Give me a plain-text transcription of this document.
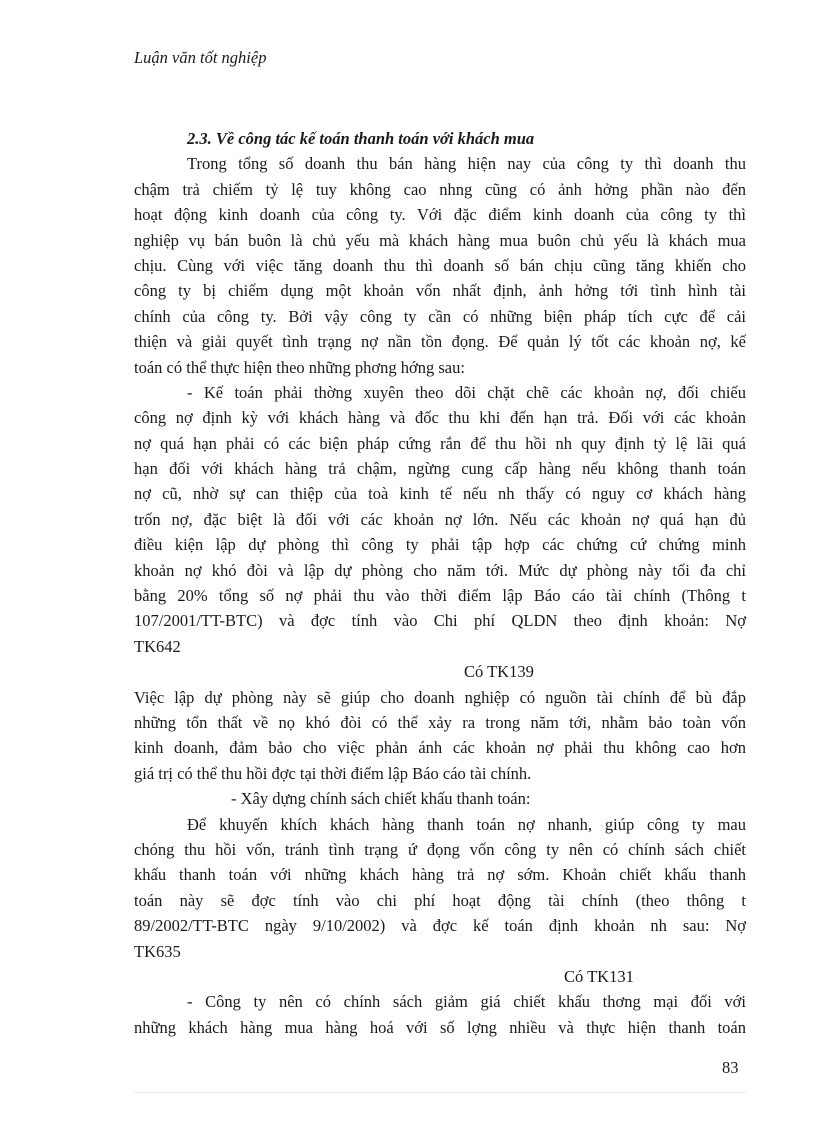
Luận văn tốt nghiệp
2.3. Về công tác kế toán thanh toán với khách mua
Trong tổng số doanh thu bán hàng hiện nay của công ty thì doanh thu
chậm trả chiếm tỷ lệ tuy không cao nhng cũng có ảnh hởng phần nào đến
hoạt động kinh doanh của công ty. Với đặc điểm kinh doanh của công ty thì
nghiệp vụ bán buôn là chủ yếu mà khách hàng mua buôn chủ yếu là khách mua
chịu. Cùng với việc tăng doanh thu thì doanh số bán chịu cũng tăng khiến cho
công ty bị chiếm dụng một khoản vốn nhất định, ảnh hởng tới tình hình tài
chính của công ty. Bởi vậy công ty cần có những biện pháp tích cực để cải
thiện và giải quyết tình trạng nợ nần tồn đọng. Để quản lý tốt các khoản nợ, kế
toán có thể thực hiện theo những phơng hớng sau:
- Kế toán phải thờng xuyên theo dõi chặt chẽ các khoản nợ, đối chiếu
công nợ định kỳ với khách hàng và đốc thu khi đến hạn trả. Đối với các khoản
nợ quá hạn phải có các biện pháp cứng rắn để thu hồi nh quy định tỷ lệ lãi quá
hạn đối với khách hàng trả chậm, ngừng cung cấp hàng nếu không thanh toán
nợ cũ, nhờ sự can thiệp của toà kinh tế nếu nh thấy có nguy cơ khách hàng
trốn nợ, đặc biệt là đối với các khoản nợ lớn. Nếu các khoản nợ quá hạn đủ
điều kiện lập dự phòng thì công ty phải tập hợp các chứng cứ chứng minh
khoản nợ khó đòi và lập dự phòng cho năm tới. Mức dự phòng này tối đa chỉ
bằng 20% tổng số nợ phải thu vào thời điểm lập Báo cáo tài chính (Thông t
107/2001/TT-BTC) và đợc tính vào Chi phí QLDN theo định khoản: Nợ
TK642
Có TK139
Việc lập dự phòng này sẽ giúp cho doanh nghiệp có nguồn tài chính để bù đắp
những tổn thất về nọ khó đòi có thể xảy ra trong năm tới, nhằm bảo toàn vốn
kinh doanh, đảm bảo cho việc phản ánh các khoản nợ phải thu không cao hơn
giá trị có thể thu hồi đợc tại thời điểm lập Báo cáo tài chính.
- Xây dựng chính sách chiết khấu thanh toán:
Để khuyến khích khách hàng thanh toán nợ nhanh, giúp công ty mau
chóng thu hồi vốn, tránh tình trạng ứ đọng vốn công ty nên có chính sách chiết
khấu thanh toán với những khách hàng trả nợ sớm. Khoản chiết khấu thanh
toán này sẽ đợc tính vào chi phí hoạt động tài chính (theo thông t
89/2002/TT-BTC ngày 9/10/2002) và đợc kế toán định khoản nh sau: Nợ
TK635
Có TK131
- Công ty nên có chính sách giảm giá chiết khấu thơng mại đối với
những khách hàng mua hàng hoá với số lợng nhiều và thực hiện thanh toán
83
